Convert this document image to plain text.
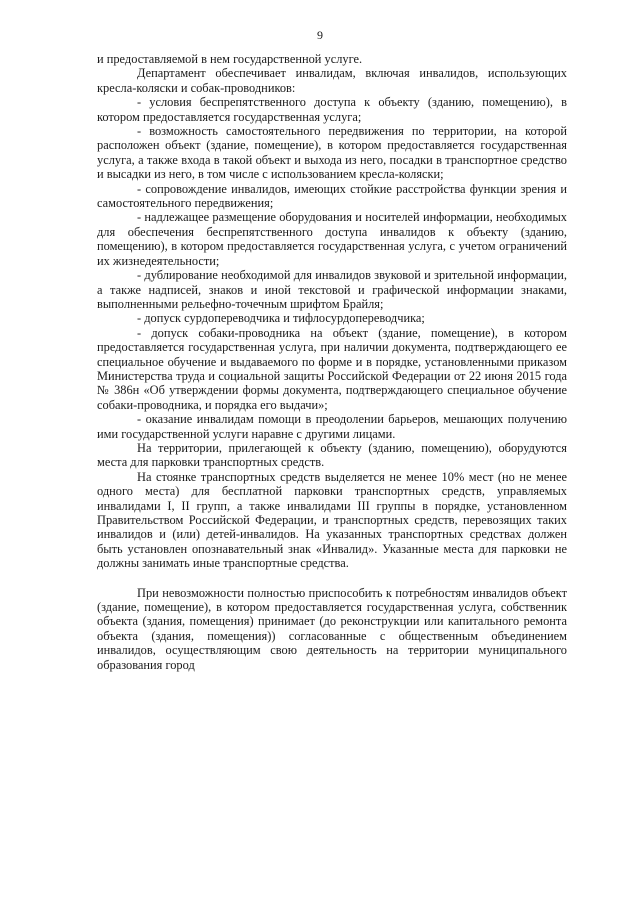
9

и предоставляемой в нем государственной услуге.

Департамент обеспечивает инвалидам, включая инвалидов, использующих кресла-коляски и собак-проводников:

- условия беспрепятственного доступа к объекту (зданию, помещению), в котором предоставляется государственная услуга;

- возможность самостоятельного передвижения по территории, на которой расположен объект (здание, помещение), в котором предоставляется государственная услуга, а также входа в такой объект и выхода из него, посадки в транспортное средство и высадки из него, в том числе с использованием кресла-коляски;

- сопровождение инвалидов, имеющих стойкие расстройства функции зрения и самостоятельного передвижения;

- надлежащее размещение оборудования и носителей информации, необходимых для обеспечения беспрепятственного доступа инвалидов к объекту (зданию, помещению), в котором предоставляется государственная услуга, с учетом ограничений их жизнедеятельности;

- дублирование необходимой для инвалидов звуковой и зрительной информации, а также надписей, знаков и иной текстовой и графической информации знаками, выполненными рельефно-точечным шрифтом Брайля;

- допуск сурдопереводчика и тифлосурдопереводчика;

- допуск собаки-проводника на объект (здание, помещение), в котором предоставляется государственная услуга, при наличии документа, подтверждающего ее специальное обучение и выдаваемого по форме и в порядке, установленными приказом Министерства труда и социальной защиты Российской Федерации от 22 июня 2015 года № 386н «Об утверждении формы документа, подтверждающего специальное обучение собаки-проводника, и порядка его выдачи»;

- оказание инвалидам помощи в преодолении барьеров, мешающих получению ими государственной услуги наравне с другими лицами.

На территории, прилегающей к объекту (зданию, помещению), оборудуются места для парковки транспортных средств.

На стоянке транспортных средств выделяется не менее 10% мест (но не менее одного места) для бесплатной парковки транспортных средств, управляемых инвалидами I, II групп, а также инвалидами III группы в порядке, установленном Правительством Российской Федерации, и транспортных средств, перевозящих таких инвалидов и (или) детей-инвалидов. На указанных транспортных средствах должен быть установлен опознавательный знак «Инвалид». Указанные места для парковки не должны занимать иные транспортные средства.

При невозможности полностью приспособить к потребностям инвалидов объект (здание, помещение), в котором предоставляется государственная услуга, собственник объекта (здания, помещения) принимает (до реконструкции или капитального ремонта объекта (здания, помещения)) согласованные с общественным объединением инвалидов, осуществляющим свою деятельность на территории муниципального образования город
